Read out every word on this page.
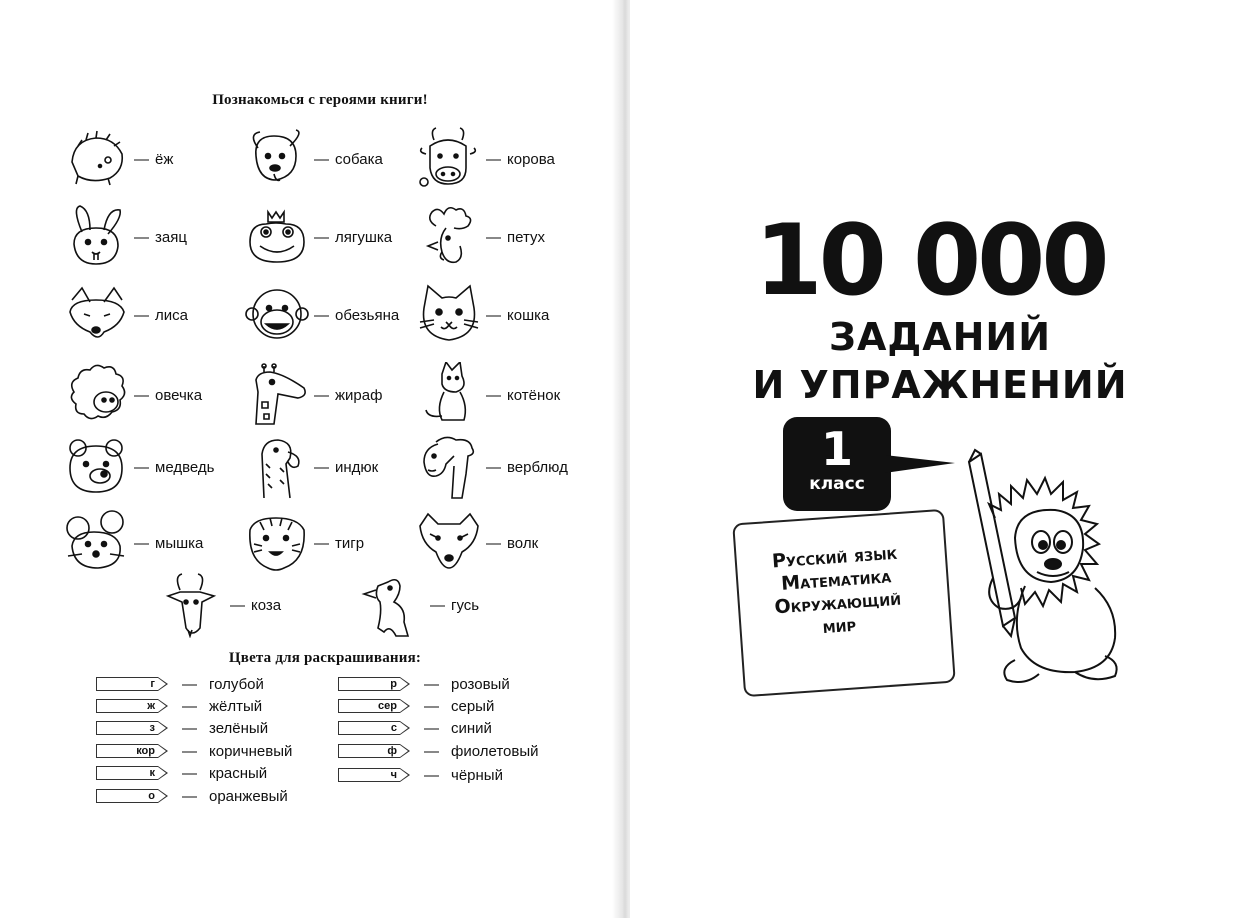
Познакомься с героями книги!
— ёж	— собака	— корова
— заяц	— лягушка	— петух
— лиса	— обезьяна	— кошка
— овечка	— жираф	— котёнок
— медведь	— индюк	— верблюд
— мышка	— тигр	— волк
— коза	— гусь
Цвета для раскрашивания:
г — голубой
ж — жёлтый
з — зелёный
кор — коричневый
к — красный
о — оранжевый
р — розовый
сер — серый
с — синий
ф — фиолетовый
ч — чёрный
10 000
ЗАДАНИЙ
И УПРАЖНЕНИЙ
1
класс
Русский язык
Математика
Окружающий
мир
